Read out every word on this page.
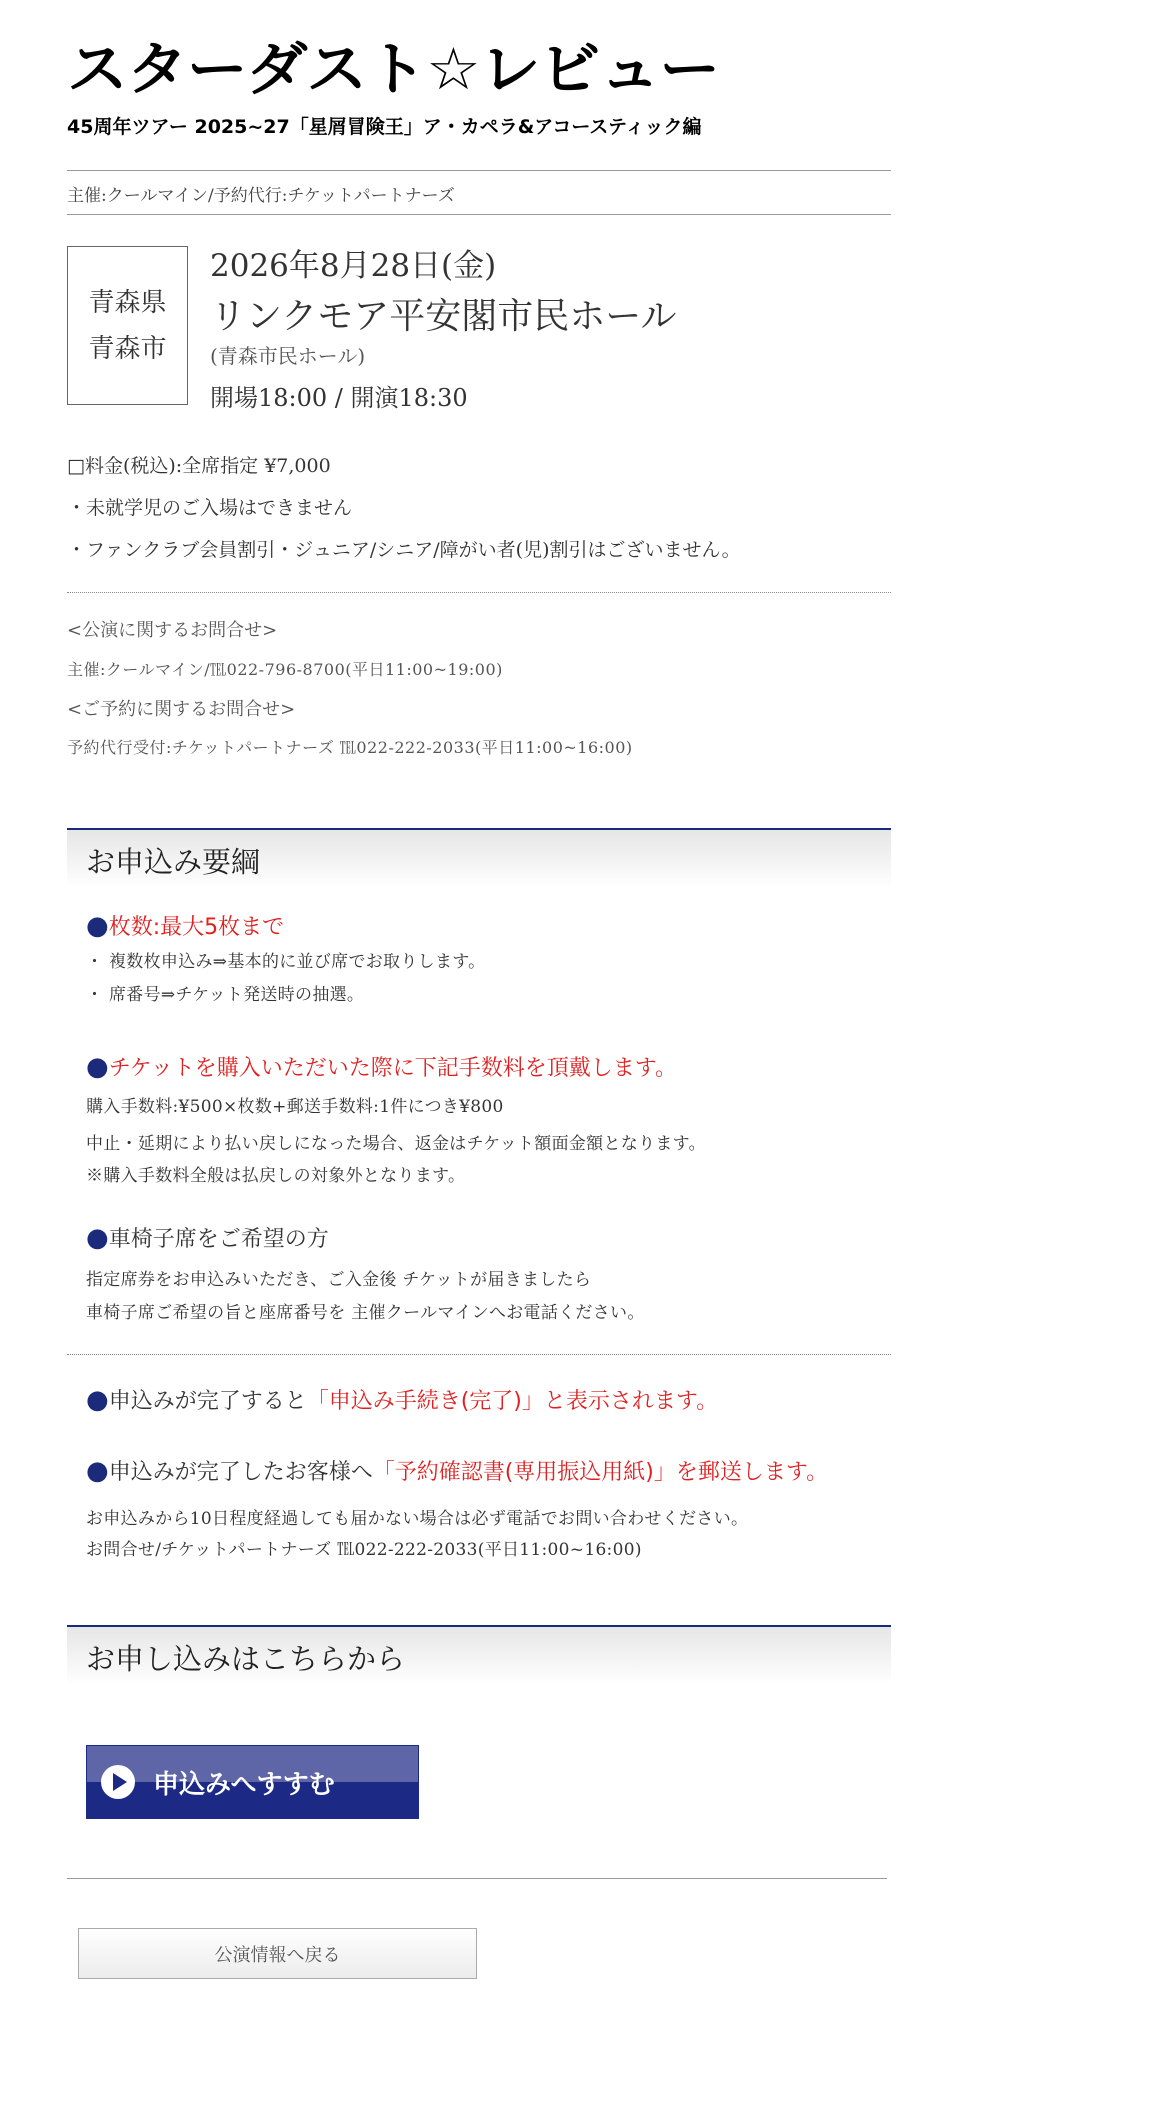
スターダスト☆レビュー
45周年ツアー 2025~27「星屑冒険王」ア・カペラ&アコースティック編
主催:クールマイン/予約代行:チケットパートナーズ
青森県
青森市
2026年8月28日(金)
リンクモア平安閣市民ホール
(青森市民ホール)
開場18:00 / 開演18:30
□料金(税込):全席指定 ¥7,000
・未就学児のご入場はできません
・ファンクラブ会員割引・ジュニア/シニア/障がい者(児)割引はございません。
<公演に関するお問合せ>
主催:クールマイン/℡022-796-8700(平日11:00~19:00)
<ご予約に関するお問合せ>
予約代行受付:チケットパートナーズ ℡022-222-2033(平日11:00~16:00)
お申込み要綱
●枚数:最大5枚まで
・ 複数枚申込み⇒基本的に並び席でお取りします。
・ 席番号⇒チケット発送時の抽選。
●チケットを購入いただいた際に下記手数料を頂戴します。
購入手数料:¥500×枚数+郵送手数料:1件につき¥800
中止・延期により払い戻しになった場合、返金はチケット額面金額となります。
※購入手数料全般は払戻しの対象外となります。
●車椅子席をご希望の方
指定席券をお申込みいただき、ご入金後 チケットが届きましたら
車椅子席ご希望の旨と座席番号を 主催クールマインへお電話ください。
●申込みが完了すると「申込み手続き(完了)」と表示されます。
●申込みが完了したお客様へ「予約確認書(専用振込用紙)」を郵送します。
お申込みから10日程度経過しても届かない場合は必ず電話でお問い合わせください。
お問合せ/チケットパートナーズ ℡022-222-2033(平日11:00~16:00)
お申し込みはこちらから
申込みへすすむ
公演情報へ戻る
